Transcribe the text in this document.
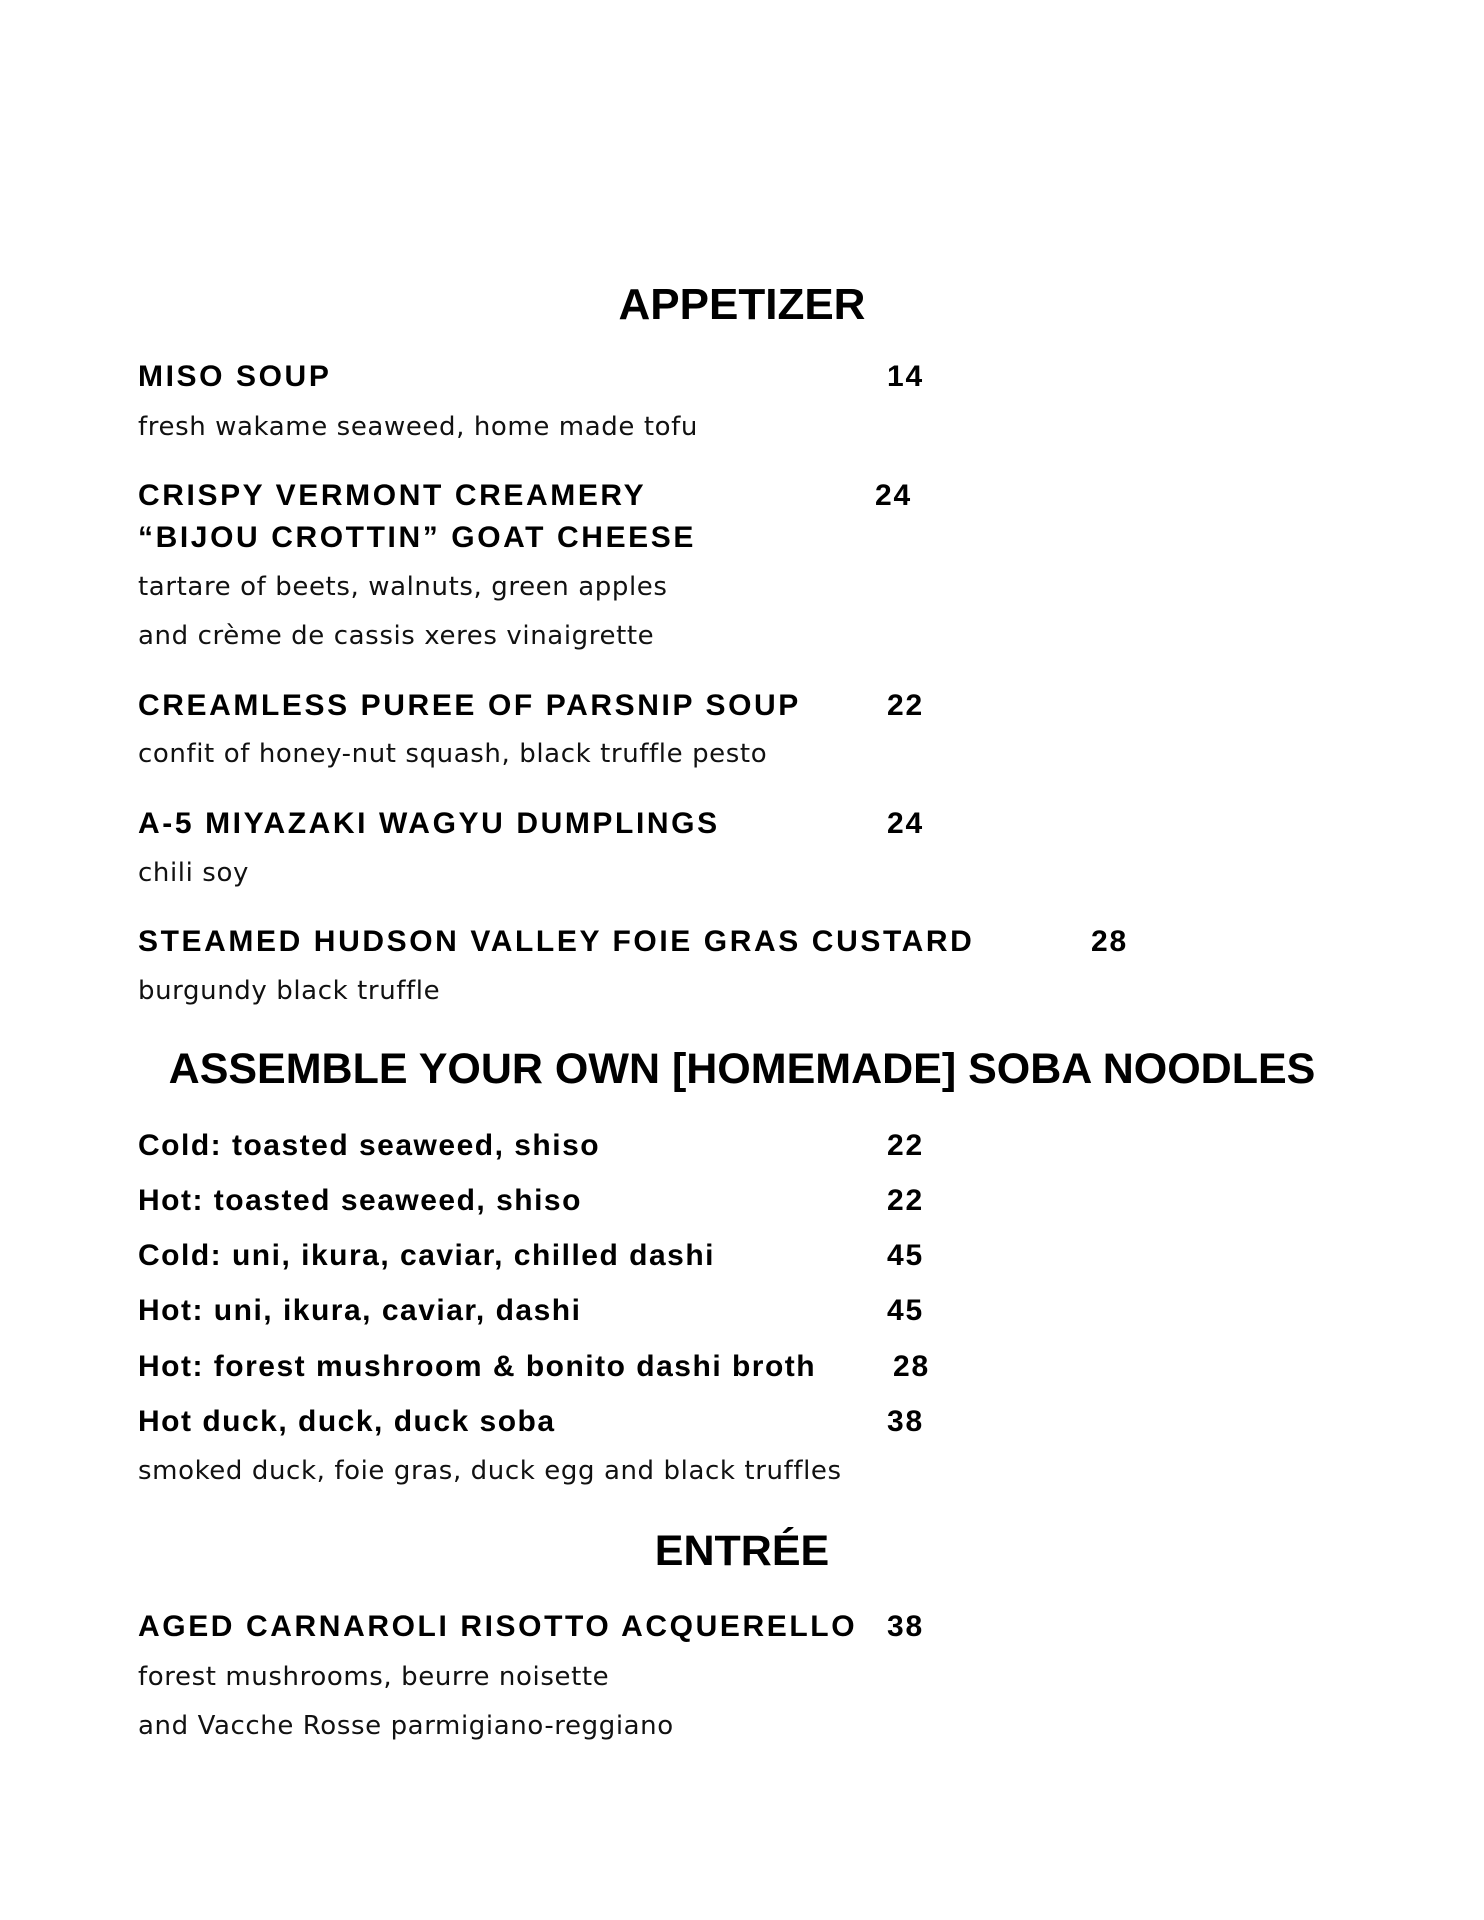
APPETIZER
MISO SOUP	14
fresh wakame seaweed, home made tofu
CRISPY VERMONT CREAMERY	24
“BIJOU CROTTIN” GOAT CHEESE
tartare of beets, walnuts, green apples
and crème de cassis xeres vinaigrette
CREAMLESS PUREE OF PARSNIP SOUP	22
confit of honey-nut squash, black truffle pesto
A-5 MIYAZAKI WAGYU DUMPLINGS	24
chili soy
STEAMED HUDSON VALLEY FOIE GRAS CUSTARD	28
burgundy black truffle
ASSEMBLE YOUR OWN [HOMEMADE] SOBA NOODLES
Cold: toasted seaweed, shiso	22
Hot: toasted seaweed, shiso	22
Cold: uni, ikura, caviar, chilled dashi	45
Hot: uni, ikura, caviar, dashi	45
Hot: forest mushroom & bonito dashi broth	28
Hot duck, duck, duck soba	38
smoked duck, foie gras, duck egg and black truffles
ENTRÉE
AGED CARNAROLI RISOTTO ACQUERELLO 38
forest mushrooms, beurre noisette
and Vacche Rosse parmigiano-reggiano
